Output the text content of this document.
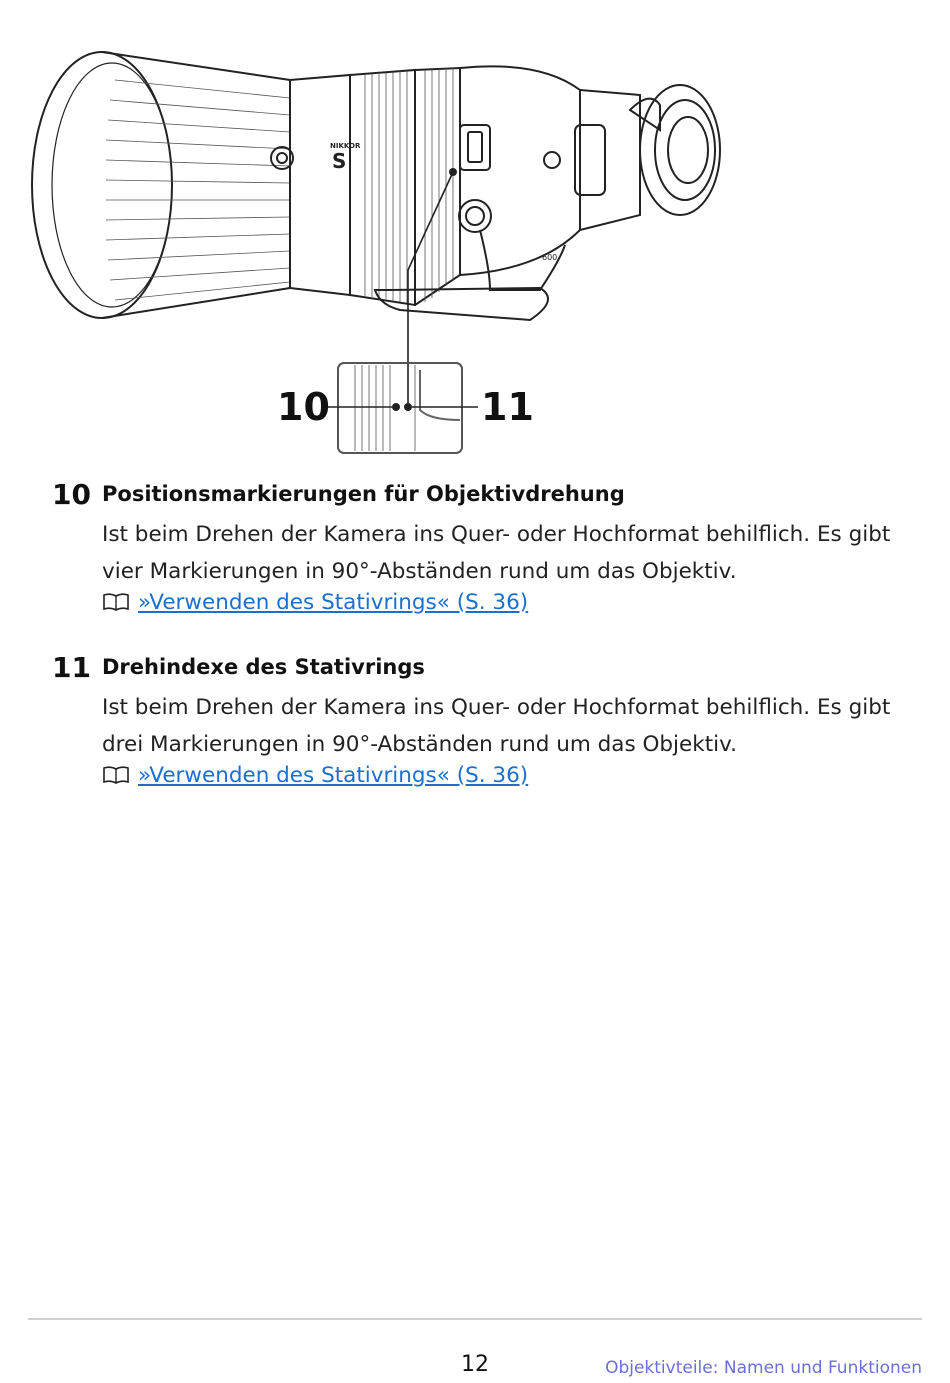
NIKKOR
S
600
10	11
10 Positionsmarkierungen für Objektivdrehung
Ist beim Drehen der Kamera ins Quer- oder Hochformat behilflich. Es gibt vier Markierungen in 90°-Abständen rund um das Objektiv.
»Verwenden des Stativrings« (S. 36)
11 Drehindexe des Stativrings
Ist beim Drehen der Kamera ins Quer- oder Hochformat behilflich. Es gibt drei Markierungen in 90°-Abständen rund um das Objektiv.
»Verwenden des Stativrings« (S. 36)
12	Objektivteile: Namen und Funktionen
